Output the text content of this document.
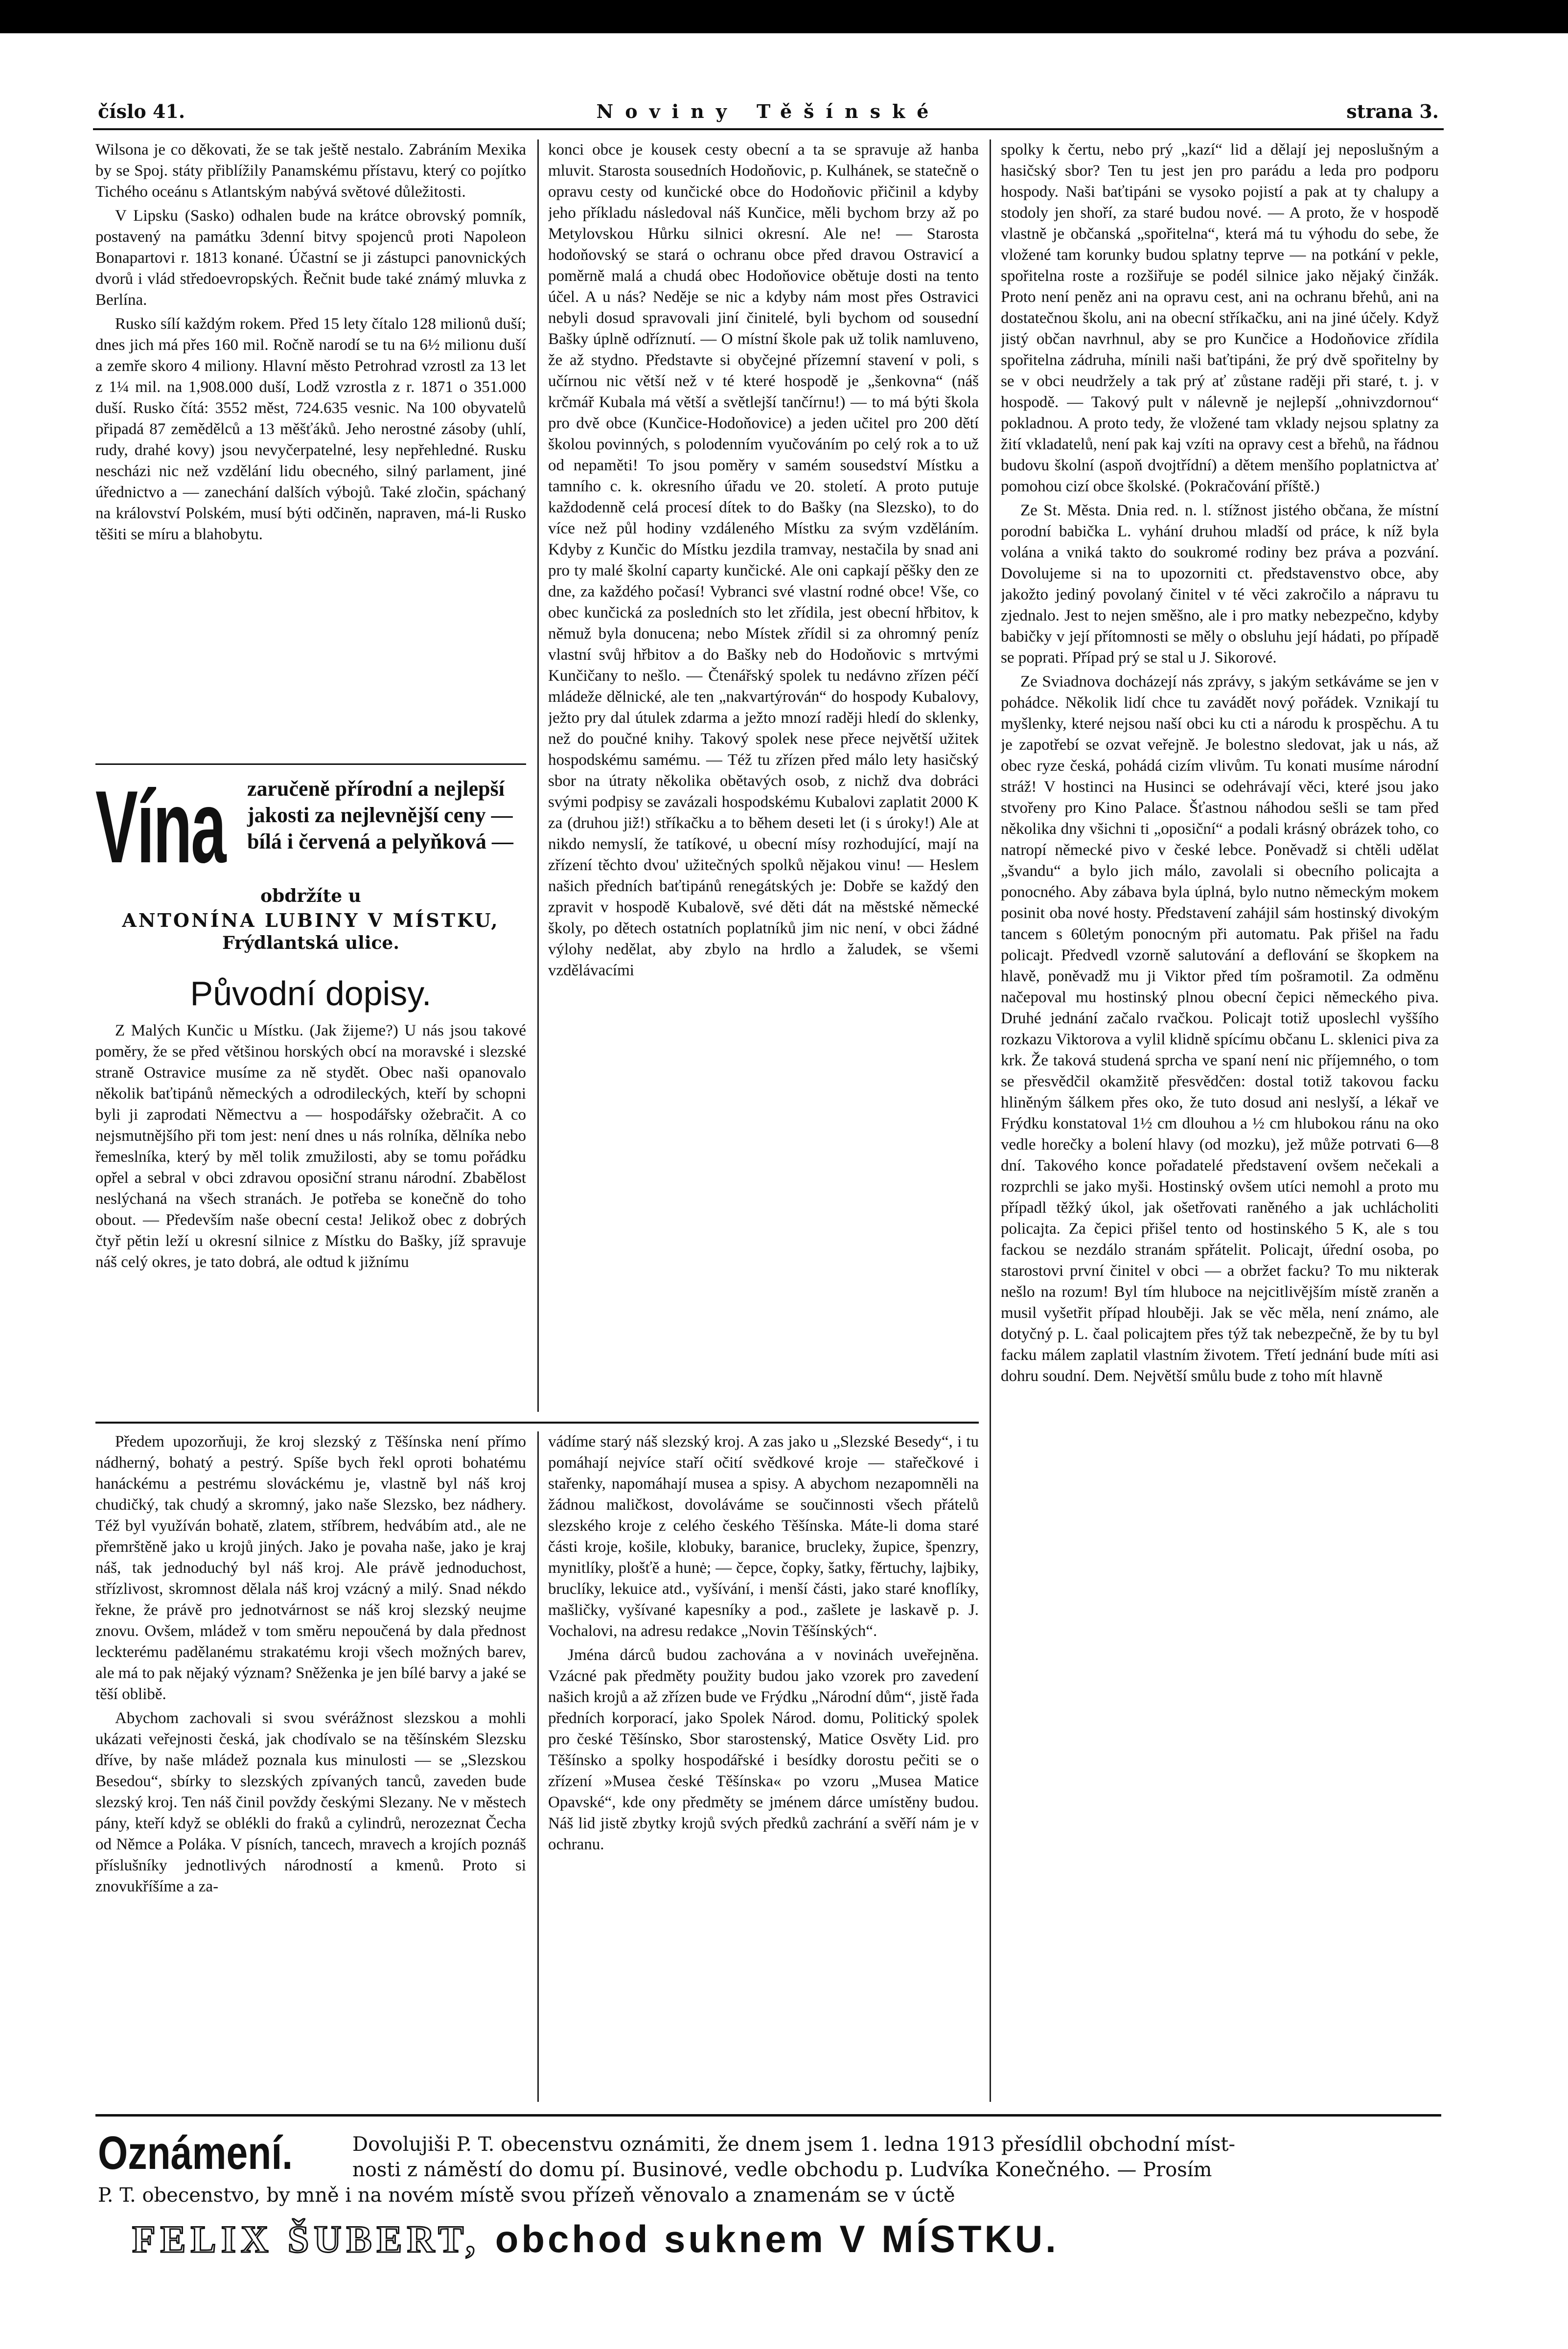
číslo 41.	Noviny Těšínské	strana 3.

Wilsona je co děkovati, že se tak ještě nestalo. Zabráním Mexika by se Spoj. státy přiblížily Panamskému přístavu, který co pojítko Tichého oceánu s Atlantským nabývá světové důležitosti.

V Lipsku (Sasko) odhalen bude na krátce obrovský pomník, postavený na památku 3denní bitvy spojenců proti Napoleon Bonapartovi r. 1813 konané. Účastní se ji zástupci panovnických dvorů i vlád středoevropských. Řečnit bude také známý mluvka z Berlína.

Rusko sílí každým rokem. Před 15 lety čítalo 128 milionů duší; dnes jich má přes 160 mil. Ročně narodí se tu na 6½ milionu duší a zemře skoro 4 miliony. Hlavní město Petrohrad vzrostl za 13 let z 1¼ mil. na 1,908.000 duší, Lodž vzrostla z r. 1871 o 351.000 duší. Rusko čítá: 3552 měst, 724.635 vesnic. Na 100 obyvatelů připadá 87 zemědělců a 13 měšťáků. Jeho nerostné zásoby (uhlí, rudy, drahé kovy) jsou nevyčerpatelné, lesy nepřehledné. Rusku nescházi nic než vzdělání lidu obecného, silný parlament, jiné úřednictvo a — zanechání dalších výbojů. Také zločin, spáchaný na království Polském, musí býti odčiněn, napraven, má-li Rusko těšiti se míru a blahobytu.

Vína zaručeně přírodní a nejlepší jakosti za nejlevnější ceny — bílá i červená a pelyňková —
obdržíte u
ANTONÍNA LUBINY V MÍSTKU,
Frýdlantská ulice.
Původní dopisy.

Z Malých Kunčic u Místku. (Jak žijeme?) U nás jsou takové poměry, že se před většinou horských obcí na moravské i slezské straně Ostravice musíme za ně stydět. Obec naši opanovalo několik baťtipánů německých a odrodileckých, kteří by schopni byli ji zaprodati Němectvu a — hospodářsky ožebračit. A co nejsmutnějšího při tom jest: není dnes u nás rolníka, dělníka nebo řemeslníka, který by měl tolik zmužilosti, aby se tomu pořádku opřel a sebral v obci zdravou oposiční stranu národní. Zbabělost neslýchaná na všech stranách. Je potřeba se konečně do toho obout. — Především naše obecní cesta! Jelikož obec z dobrých čtyř pětin leží u okresní silnice z Místku do Bašky, jíž spravuje náš celý okres, je tato dobrá, ale odtud k jižnímu

konci obce je kousek cesty obecní a ta se spravuje až hanba mluvit. Starosta sousedních Hodoňovic, p. Kulhánek, se statečně o opravu cesty od kunčické obce do Hodoňovic přičinil a kdyby jeho příkladu následoval náš Kunčice, měli bychom brzy až po Metylovskou Hůrku silnici okresní. Ale ne! — Starosta hodoňovský se stará o ochranu obce před dravou Ostravicí a poměrně malá a chudá obec Hodoňovice obětuje dosti na tento účel. A u nás? Neděje se nic a kdyby nám most přes Ostravici nebyli dosud spravovali jiní činitelé, byli bychom od sousední Bašky úplně odříznutí. — O místní škole pak už tolik namluveno, že až stydno. Představte si obyčejné přízemní stavení v poli, s učírnou nic větší než v té které hospodě je „šenkovna“ (náš krčmář Kubala má větší a světlejší tančírnu!) — to má býti škola pro dvě obce (Kunčice-Hodoňovice) a jeden učitel pro 200 dětí školou povinných, s polodenním vyučováním po celý rok a to už od nepaměti! To jsou poměry v samém sousedství Místku a tamního c. k. okresního úřadu ve 20. století. A proto putuje každodenně celá procesí dítek to do Bašky (na Slezsko), to do více než půl hodiny vzdáleného Místku za svým vzděláním. Kdyby z Kunčic do Místku jezdila tramvay, nestačila by snad ani pro ty malé školní caparty kunčické. Ale oni capkají pěšky den ze dne, za každého počasí! Vybranci své vlastní rodné obce! Vše, co obec kunčická za posledních sto let zřídila, jest obecní hřbitov, k němuž byla donucena; nebo Místek zřídil si za ohromný peníz vlastní svůj hřbitov a do Bašky neb do Hodoňovic s mrtvými Kunčičany to nešlo. — Čtenářský spolek tu nedávno zřízen péčí mládeže dělnické, ale ten „nakvartýrován“ do hospody Kubalovy, ježto pry dal útulek zdarma a ježto mnozí raději hledí do sklenky, než do poučné knihy. Takový spolek nese přece největší užitek hospodskému samému. — Též tu zřízen před málo lety hasičský sbor na útraty několika obětavých osob, z nichž dva dobráci svými podpisy se zavázali hospodskému Kubalovi zaplatit 2000 K za (druhou již!) stříkačku a to během deseti let (i s úroky!) Ale at nikdo nemyslí, že tatíkové, u obecní mísy rozhodující, mají na zřízení těchto dvou' užitečných spolků nějakou vinu! — Heslem našich předních baťtipánů renegátských je: Dobře se každý den zpravit v hospodě Kubalově, své děti dát na městské německé školy, po dětech ostatních poplatníků jim nic není, v obci žádné výlohy nedělat, aby zbylo na hrdlo a žaludek, se všemi vzdělávacími

spolky k čertu, nebo prý „kazí“ lid a dělají jej neposlušným a hasičský sbor? Ten tu jest jen pro parádu a leda pro podporu hospody. Naši baťtipáni se vysoko pojistí a pak at ty chalupy a stodoly jen shoří, za staré budou nové. — A proto, že v hospodě vlastně je občanská „spořitelna“, která má tu výhodu do sebe, že vložené tam korunky budou splatny teprve — na potkání v pekle, spořitelna roste a rozšiřuje se podél silnice jako nějaký činžák. Proto není peněz ani na opravu cest, ani na ochranu břehů, ani na dostatečnou školu, ani na obecní stříkačku, ani na jiné účely. Když jistý občan navrhnul, aby se pro Kunčice a Hodoňovice zřídila spořitelna zádruha, mínili naši baťtipáni, že prý dvě spořitelny by se v obci neudržely a tak prý ať zůstane raději při staré, t. j. v hospodě. — Takový pult v nálevně je nejlepší „ohnivzdornou“ pokladnou. A proto tedy, že vložené tam vklady nejsou splatny za žití vkladatelů, není pak kaj vzíti na opravy cest a břehů, na řádnou budovu školní (aspoň dvojtřídní) a dětem menšího poplatnictva ať pomohou cizí obce školské. (Pokračování příště.)

Ze St. Města. Dnia red. n. l. stížnost jistého občana, že místní porodní babička L. vyhání druhou mladší od práce, k níž byla volána a vniká takto do soukromé rodiny bez práva a pozvání. Dovolujeme si na to upozorniti ct. představenstvo obce, aby jakožto jediný povolaný činitel v té věci zakročilo a nápravu tu zjednalo. Jest to nejen směšno, ale i pro matky nebezpečno, kdyby babičky v její přítomnosti se měly o obsluhu její hádati, po případě se poprati. Případ prý se stal u J. Sikorové.

Ze Sviadnova docházejí nás zprávy, s jakým setkáváme se jen v pohádce. Několik lidí chce tu zavádět nový pořádek. Vznikají tu myšlenky, které nejsou naší obci ku cti a národu k prospěchu. A tu je zapotřebí se ozvat veřejně. Je bolestno sledovat, jak u nás, až obec ryze česká, pohádá cizím vlivům. Tu konati musíme národní stráž! V hostinci na Husinci se odehrávají věci, které jsou jako stvořeny pro Kino Palace. Šťastnou náhodou sešli se tam před několika dny všichni ti „oposiční“ a podali krásný obrázek toho, co natropí německé pivo v české lebce. Poněvadž si chtěli udělat „švandu“ a bylo jich málo, zavolali si obecního policajta a ponocného. Aby zábava byla úplná, bylo nutno německým mokem posinit oba nové hosty. Představení zahájil sám hostinský divokým tancem s 60letým ponocným při automatu. Pak přišel na řadu policajt. Předvedl vzorně salutování a deflování se škopkem na hlavě, poněvadž mu ji Viktor před tím pošramotil. Za odměnu načepoval mu hostinský plnou obecní čepici německého piva. Druhé jednání začalo rvačkou. Policajt totiž uposlechl vyššího rozkazu Viktorova a vylil klidně spícímu občanu L. sklenici piva za krk. Že taková studená sprcha ve spaní není nic příjemného, o tom se přesvědčil okamžitě přesvědčen: dostal totiž takovou facku hliněným šálkem přes oko, že tuto dosud ani neslyší, a lékař ve Frýdku konstatoval 1½ cm dlouhou a ½ cm hlubokou ránu na oko vedle horečky a bolení hlavy (od mozku), jež může potrvati 6—8 dní. Takového konce pořadatelé představení ovšem nečekali a rozprchli se jako myši. Hostinský ovšem utíci nemohl a proto mu případl těžký úkol, jak ošetřovati raněného a jak uchlácholiti policajta. Za čepici přišel tento od hostinského 5 K, ale s tou fackou se nezdálo stranám spřátelit. Policajt, úřední osoba, po starostovi první činitel v obci — a obržet facku? To mu nikterak nešlo na rozum! Byl tím hluboce na nejcitlivějším místě zraněn a musil vyšetřit případ hlouběji. Jak se věc měla, není známo, ale dotyčný p. L. čaal policajtem přes týž tak nebezpečně, že by tu byl facku málem zaplatil vlastním životem. Třetí jednání bude míti asi dohru soudní. Dem. Největší smůlu bude z toho mít hlavně

Předem upozorňuji, že kroj slezský z Těšínska není přímo nádherný, bohatý a pestrý. Spíše bych řekl oproti bohatému hanáckému a pestrému slováckému je, vlastně byl náš kroj chudičký, tak chudý a skromný, jako naše Slezsko, bez nádhery. Též byl využíván bohatě, zlatem, stříbrem, hedvábím atd., ale ne přemrštěně jako u krojů jiných. Jako je povaha naše, jako je kraj náš, tak jednoduchý byl náš kroj. Ale právě jednoduchost, střízlivost, skromnost dělala náš kroj vzácný a milý. Snad nékdo řekne, že právě pro jednotvárnost se náš kroj slezský neujme znovu. Ovšem, mládež v tom směru nepoučená by dala přednost leckterému padělanému strakatému kroji všech možných barev, ale má to pak nějaký význam? Sněženka je jen bílé barvy a jaké se těší oblibě.

Abychom zachovali si svou svérážnost slezskou a mohli ukázati veřejnosti česká, jak chodívalo se na těšínském Slezsku dříve, by naše mládež poznala kus minulosti — se „Slezskou Besedou“, sbírky to slezských zpívaných tanců, zaveden bude slezský kroj. Ten náš činil povždy českými Slezany. Ne v městech pány, kteří když se oblékli do fraků a cylindrů, nerozeznat Čecha od Němce a Poláka. V písních, tancech, mravech a krojích poznáš příslušníky jednotlivých národností a kmenů. Proto si znovukříšíme a za-

vádíme starý náš slezský kroj. A zas jako u „Slezské Besedy“, i tu pomáhají nejvíce staří očití svědkové kroje — stařečkové i stařenky, napomáhají musea a spisy. A abychom nezapomněli na žádnou maličkost, dovoláváme se součinnosti všech přátelů slezského kroje z celého českého Těšínska. Máte-li doma staré části kroje, košile, klobuky, baranice, brucleky, župice, špenzry, mynitlíky, plošťě a hunė; — čepce, čopky, šatky, fěrtuchy, lajbiky, bruclíky, lekuice atd., vyšívání, i menší části, jako staré knoflíky, mašličky, vyšívané kapesníky a pod., zašlete je laskavě p. J. Vochalovi, na adresu redakce „Novin Těšínských“.

Jména dárců budou zachována a v novinách uveřejněna. Vzácné pak předměty použity budou jako vzorek pro zavedení našich krojů a až zřízen bude ve Frýdku „Národní dům“, jistě řada předních korporací, jako Spolek Národ. domu, Politický spolek pro české Těšínsko, Sbor starostenský, Matice Osvěty Lid. pro Těšínsko a spolky hospodářské i besídky dorostu pečiti se o zřízení »Musea české Těšínska« po vzoru „Musea Matice Opavské“, kde ony předměty se jménem dárce umístěny budou. Náš lid jistě zbytky krojů svých předků zachrání a svěří nám je v ochranu.

Oznámení.	Dovolujiši P. T. obecenstvu oznámiti, že dnem jsem 1. ledna 1913 přesídlil obchodní míst-
nosti z náměstí do domu pí. Businové, vedle obchodu p. Ludvíka Konečného. — Prosím
P. T. obecenstvo, by mně i na novém místě svou přízeň věnovalo a znamenám se v úctě
FELIX ŠUBERT, obchod suknem V MÍSTKU.
